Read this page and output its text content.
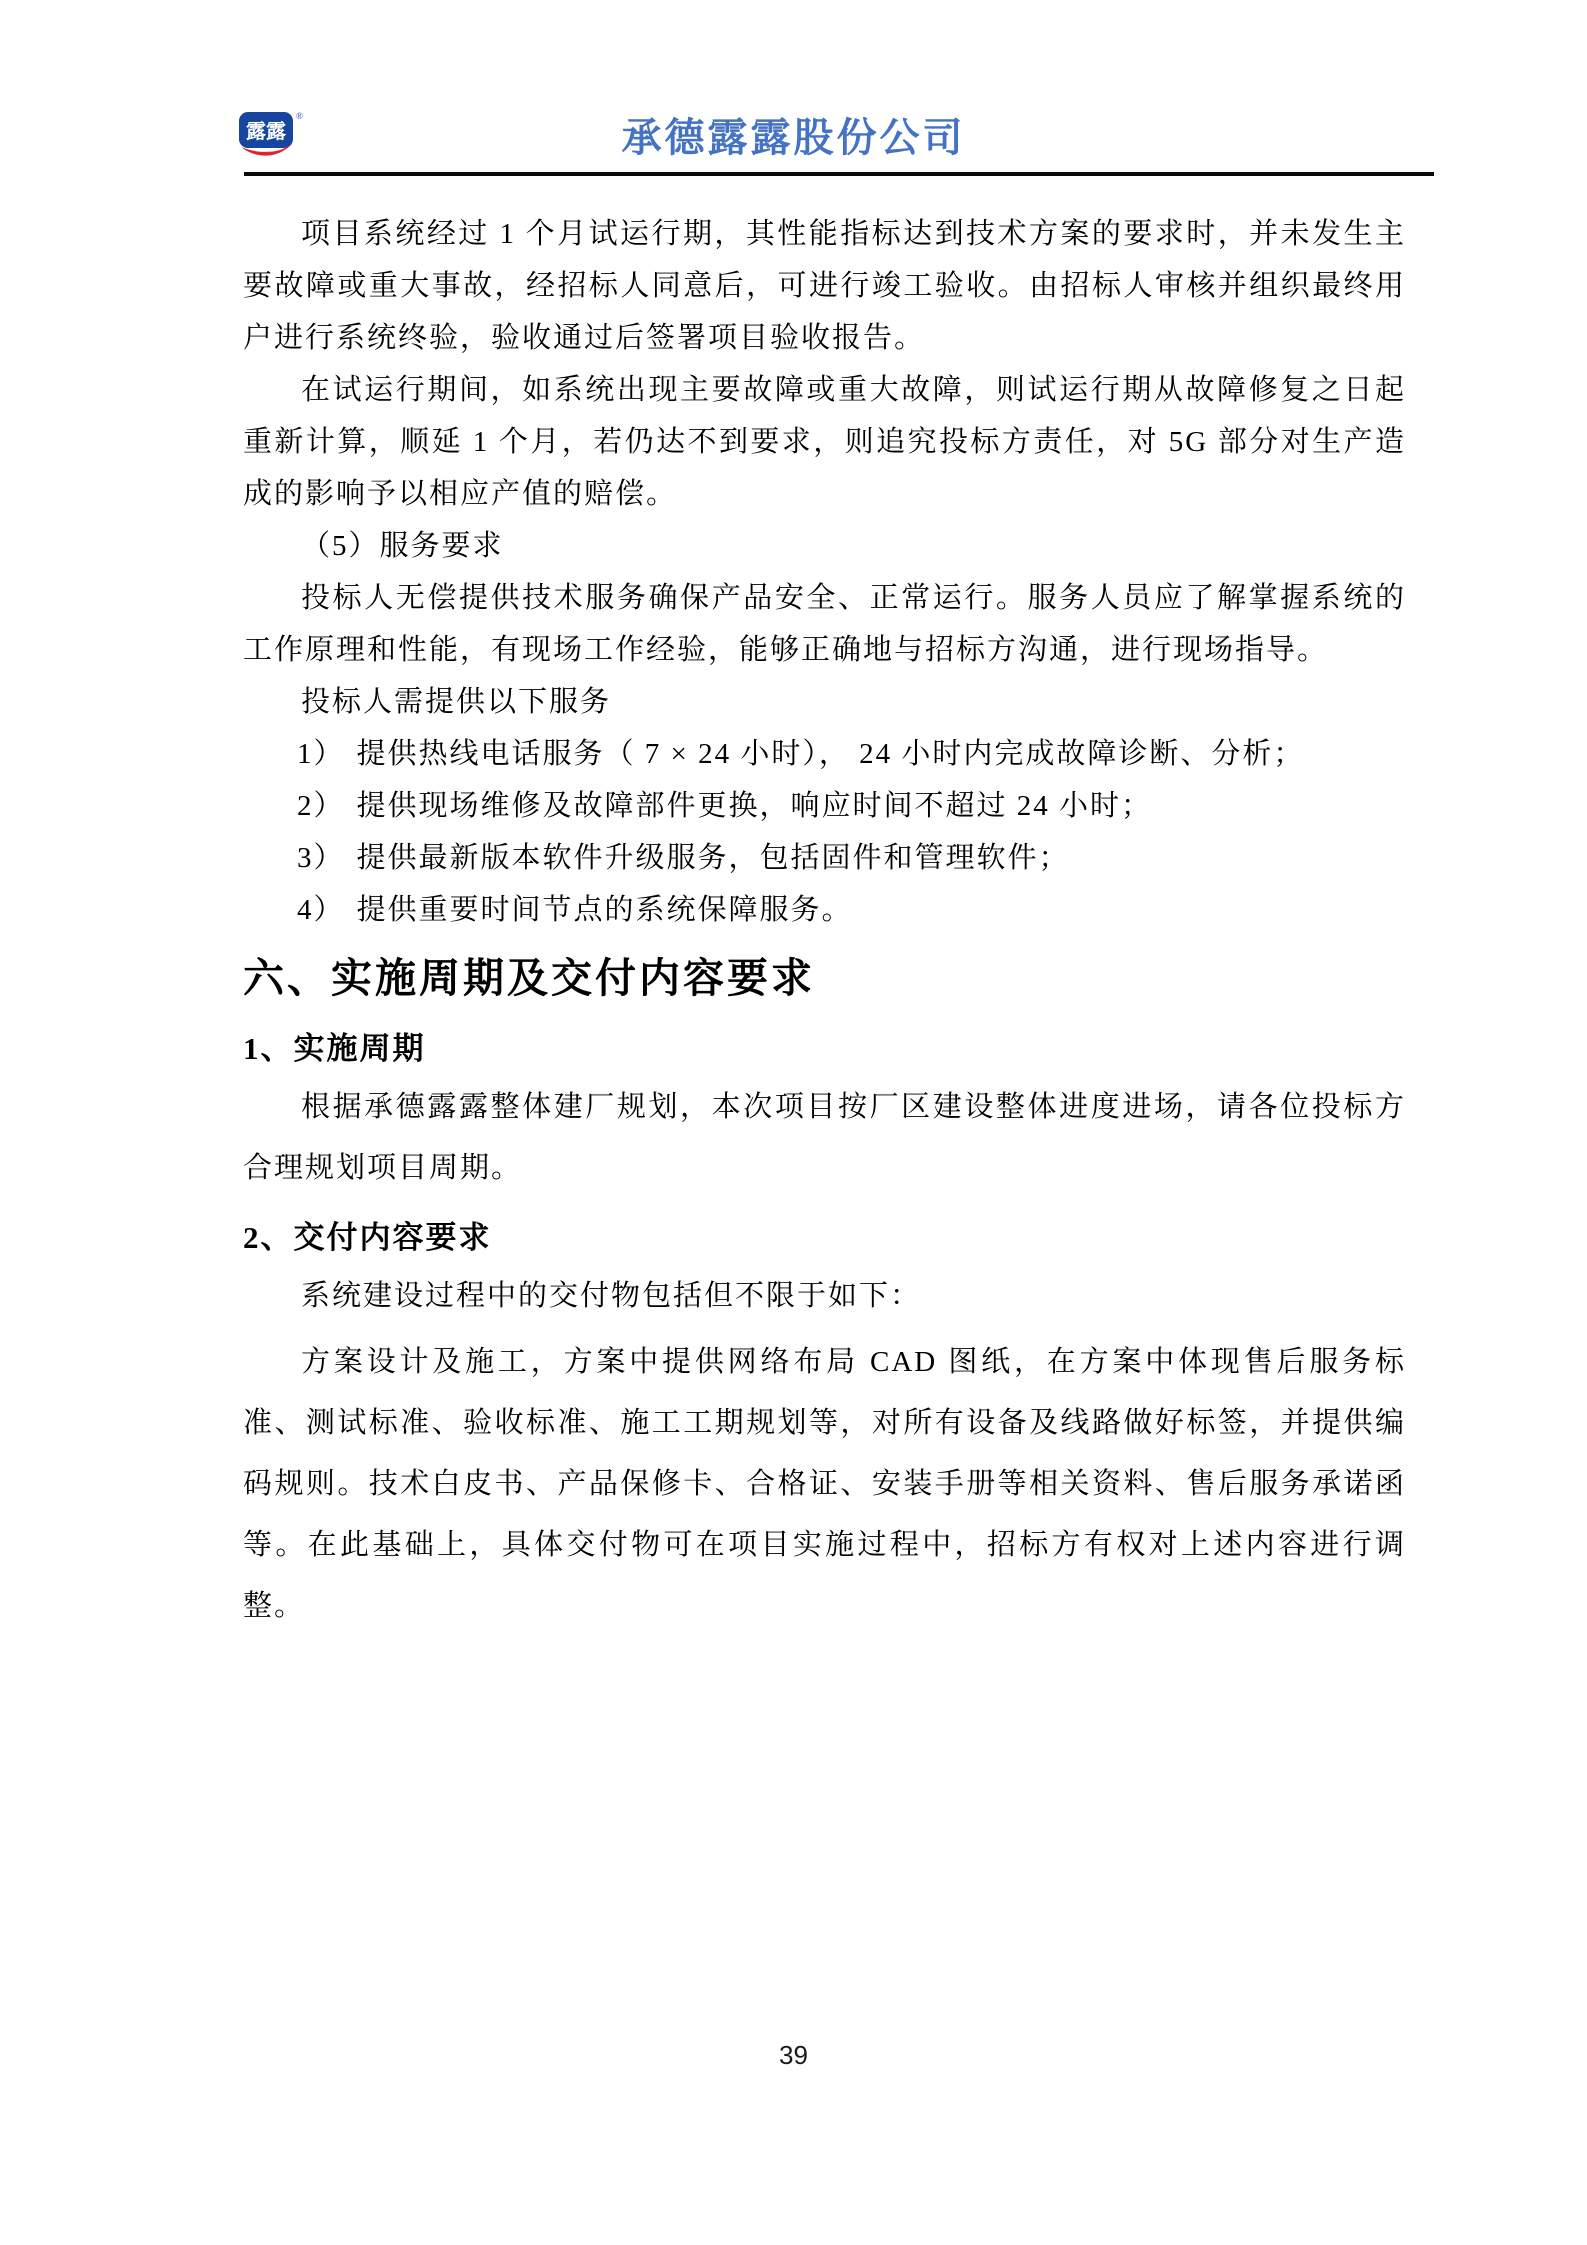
露露
®	承德露露股份公司

项目系统经过 1 个月试运行期，其性能指标达到技术方案的要求时，并未发生主要故障或重大事故，经招标人同意后，可进行竣工验收。由招标人审核并组织最终用户进行系统终验，验收通过后签署项目验收报告。

在试运行期间，如系统出现主要故障或重大故障，则试运行期从故障修复之日起重新计算，顺延 1 个月，若仍达不到要求，则追究投标方责任，对 5G 部分对生产造成的影响予以相应产值的赔偿。

（5）服务要求

投标人无偿提供技术服务确保产品安全、正常运行。服务人员应了解掌握系统的工作原理和性能，有现场工作经验，能够正确地与招标方沟通，进行现场指导。

投标人需提供以下服务

1） 提供热线电话服务（ 7 × 24 小时）， 24 小时内完成故障诊断、分析；
2） 提供现场维修及故障部件更换，响应时间不超过 24 小时；
3） 提供最新版本软件升级服务，包括固件和管理软件；
4） 提供重要时间节点的系统保障服务。
六、实施周期及交付内容要求
1、实施周期

根据承德露露整体建厂规划，本次项目按厂区建设整体进度进场，请各位投标方合理规划项目周期。

2、交付内容要求

系统建设过程中的交付物包括但不限于如下：

方案设计及施工，方案中提供网络布局 CAD 图纸，在方案中体现售后服务标准、测试标准、验收标准、施工工期规划等，对所有设备及线路做好标签，并提供编码规则。技术白皮书、产品保修卡、合格证、安装手册等相关资料、售后服务承诺函等。在此基础上，具体交付物可在项目实施过程中，招标方有权对上述内容进行调整。

39
